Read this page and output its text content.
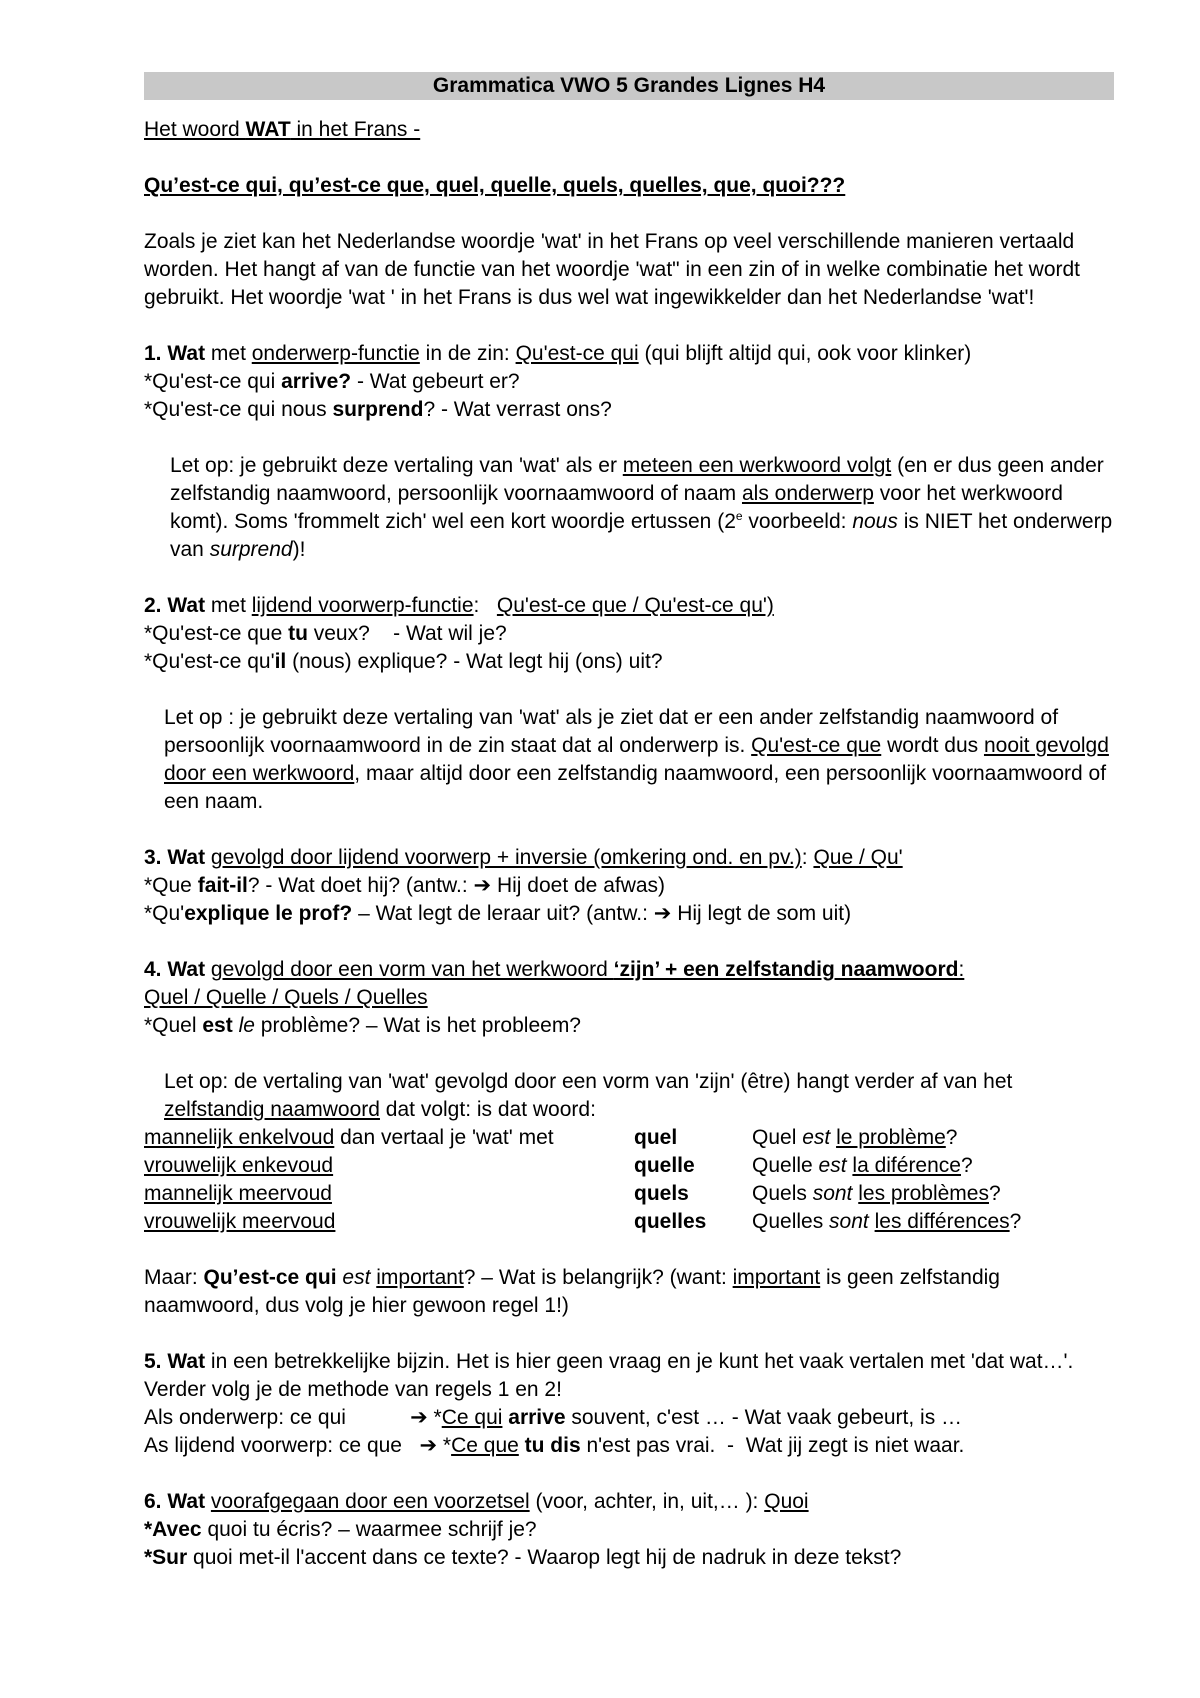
Grammatica VWO 5 Grandes Lignes H4

Het woord WAT in het Frans -

Qu’est-ce qui, qu’est-ce que, quel, quelle, quels, quelles, que, quoi???

Zoals je ziet kan het Nederlandse woordje 'wat' in het Frans op veel verschillende manieren vertaald worden. Het hangt af van de functie van het woordje 'wat" in een zin of in welke combinatie het wordt gebruikt. Het woordje 'wat ' in het Frans is dus wel wat ingewikkelder dan het Nederlandse 'wat'!

1. Wat met onderwerp-functie in de zin: Qu'est-ce qui (qui blijft altijd qui, ook voor klinker)

*Qu'est-ce qui arrive? - Wat gebeurt er?

*Qu'est-ce qui nous surprend? - Wat verrast ons?

Let op: je gebruikt deze vertaling van 'wat' als er meteen een werkwoord volgt (en er dus geen ander zelfstandig naamwoord, persoonlijk voornaamwoord of naam als onderwerp voor het werkwoord komt). Soms 'frommelt zich' wel een kort woordje ertussen (2e voorbeeld: nous is NIET het onderwerp van surprend)!

2. Wat met lijdend voorwerp-functie:   Qu'est-ce que / Qu'est-ce qu')

*Qu'est-ce que tu veux?    - Wat wil je?

*Qu'est-ce qu'il (nous) explique? - Wat legt hij (ons) uit?

Let op : je gebruikt deze vertaling van 'wat' als je ziet dat er een ander zelfstandig naamwoord of persoonlijk voornaamwoord in de zin staat dat al onderwerp is. Qu'est-ce que wordt dus nooit gevolgd door een werkwoord, maar altijd door een zelfstandig naamwoord, een persoonlijk voornaamwoord of een naam.

3. Wat gevolgd door lijdend voorwerp + inversie (omkering ond. en pv.): Que / Qu'

*Que fait-il? - Wat doet hij? (antw.: ➔ Hij doet de afwas)

*Qu'explique le prof? – Wat legt de leraar uit? (antw.: ➔ Hij legt de som uit)

4. Wat gevolgd door een vorm van het werkwoord ‘zijn’ + een zelfstandig naamwoord:

Quel / Quelle / Quels / Quelles

*Quel est le problème? – Wat is het probleem?

Let op: de vertaling van 'wat' gevolgd door een vorm van 'zijn' (être) hangt verder af van het zelfstandig naamwoord dat volgt: is dat woord:

mannelijk enkelvoud dan vertaal je 'wat' met	quel	Quel est le problème?
vrouwelijk enkevoud	quelle	Quelle est la diférence?
mannelijk meervoud	quels	Quels sont les problèmes?
vrouwelijk meervoud	quelles	Quelles sont les différences?

Maar: Qu’est-ce qui est important? – Wat is belangrijk? (want: important is geen zelfstandig naamwoord, dus volg je hier gewoon regel 1!)

5. Wat in een betrekkelijke bijzin. Het is hier geen vraag en je kunt het vaak vertalen met 'dat wat…'. Verder volg je de methode van regels 1 en 2!

Als onderwerp: ce qui           ➔ *Ce qui arrive souvent, c'est … - Wat vaak gebeurt, is …

As lijdend voorwerp: ce que   ➔ *Ce que tu dis n'est pas vrai.  -  Wat jij zegt is niet waar.

6. Wat voorafgegaan door een voorzetsel (voor, achter, in, uit,… ): Quoi

*Avec quoi tu écris? – waarmee schrijf je?

*Sur quoi met-il l'accent dans ce texte? - Waarop legt hij de nadruk in deze tekst?
